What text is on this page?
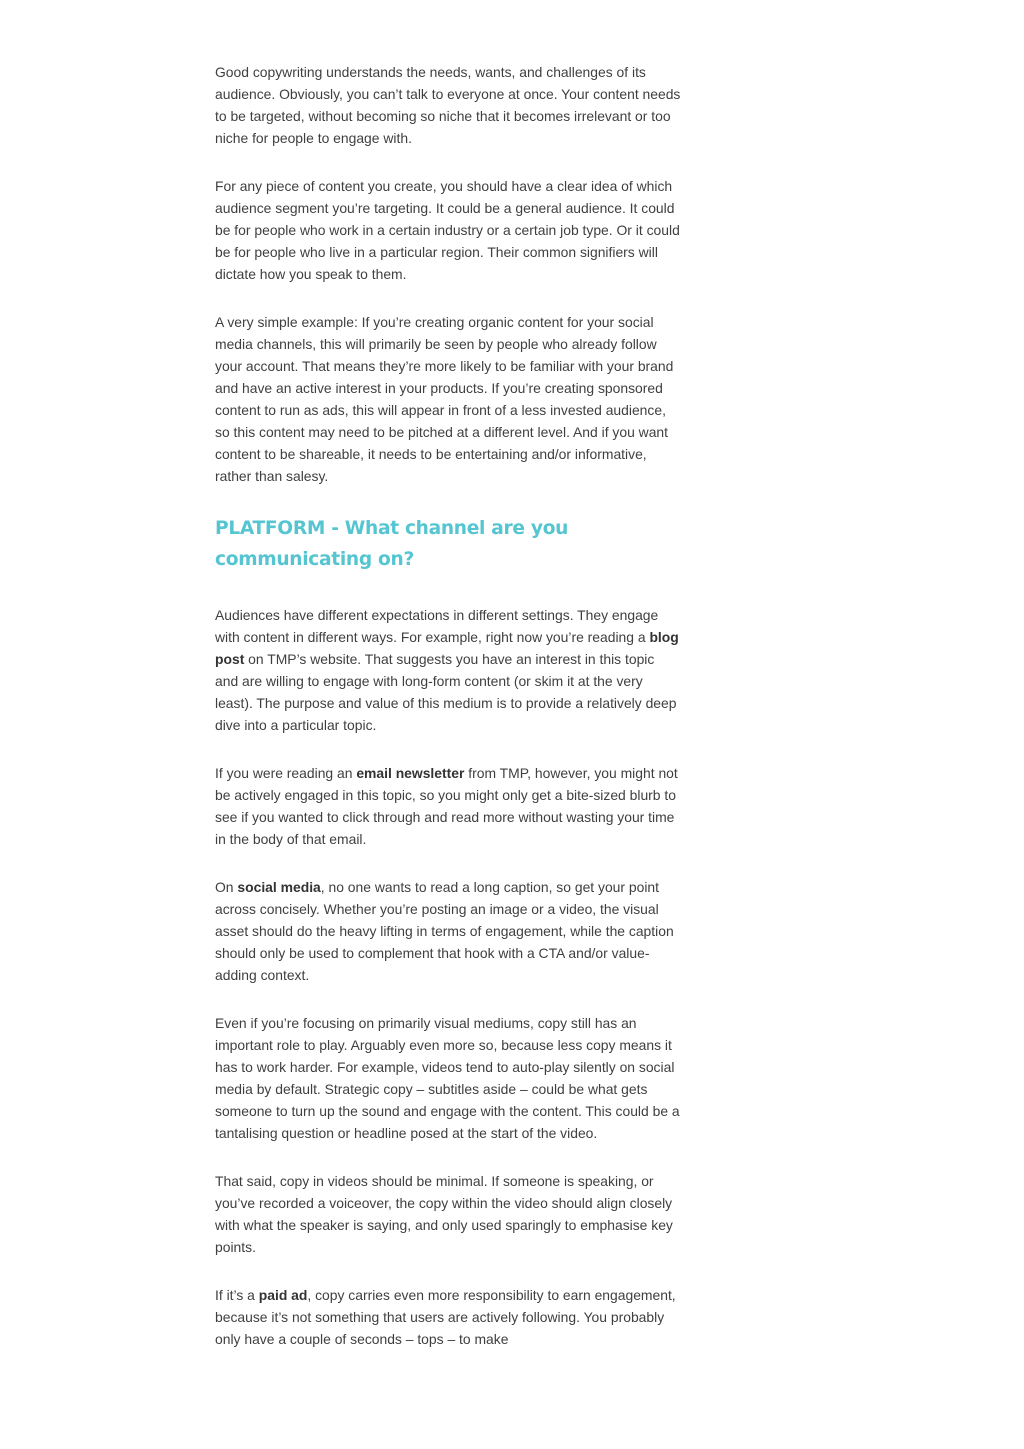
Good copywriting understands the needs, wants, and challenges of its audience. Obviously, you can’t talk to everyone at once. Your content needs to be targeted, without becoming so niche that it becomes irrelevant or too niche for people to engage with.

For any piece of content you create, you should have a clear idea of which audience segment you’re targeting. It could be a general audience. It could be for people who work in a certain industry or a certain job type. Or it could be for people who live in a particular region. Their common signifiers will dictate how you speak to them.

A very simple example: If you’re creating organic content for your social media channels, this will primarily be seen by people who already follow your account. That means they’re more likely to be familiar with your brand and have an active interest in your products. If you’re creating sponsored content to run as ads, this will appear in front of a less invested audience, so this content may need to be pitched at a different level. And if you want content to be shareable, it needs to be entertaining and/or informative, rather than salesy.

PLATFORM - What channel are you communicating on?

Audiences have different expectations in different settings. They engage with content in different ways. For example, right now you’re reading a blog post on TMP’s website. That suggests you have an interest in this topic and are willing to engage with long-form content (or skim it at the very least). The purpose and value of this medium is to provide a relatively deep dive into a particular topic.

If you were reading an email newsletter from TMP, however, you might not be actively engaged in this topic, so you might only get a bite-sized blurb to see if you wanted to click through and read more without wasting your time in the body of that email.

On social media, no one wants to read a long caption, so get your point across concisely. Whether you’re posting an image or a video, the visual asset should do the heavy lifting in terms of engagement, while the caption should only be used to complement that hook with a CTA and/or value-adding context.

Even if you’re focusing on primarily visual mediums, copy still has an important role to play. Arguably even more so, because less copy means it has to work harder. For example, videos tend to auto-play silently on social media by default. Strategic copy – subtitles aside – could be what gets someone to turn up the sound and engage with the content. This could be a tantalising question or headline posed at the start of the video.

That said, copy in videos should be minimal. If someone is speaking, or you’ve recorded a voiceover, the copy within the video should align closely with what the speaker is saying, and only used sparingly to emphasise key points.

If it’s a paid ad, copy carries even more responsibility to earn engagement, because it’s not something that users are actively following. You probably only have a couple of seconds – tops – to make
